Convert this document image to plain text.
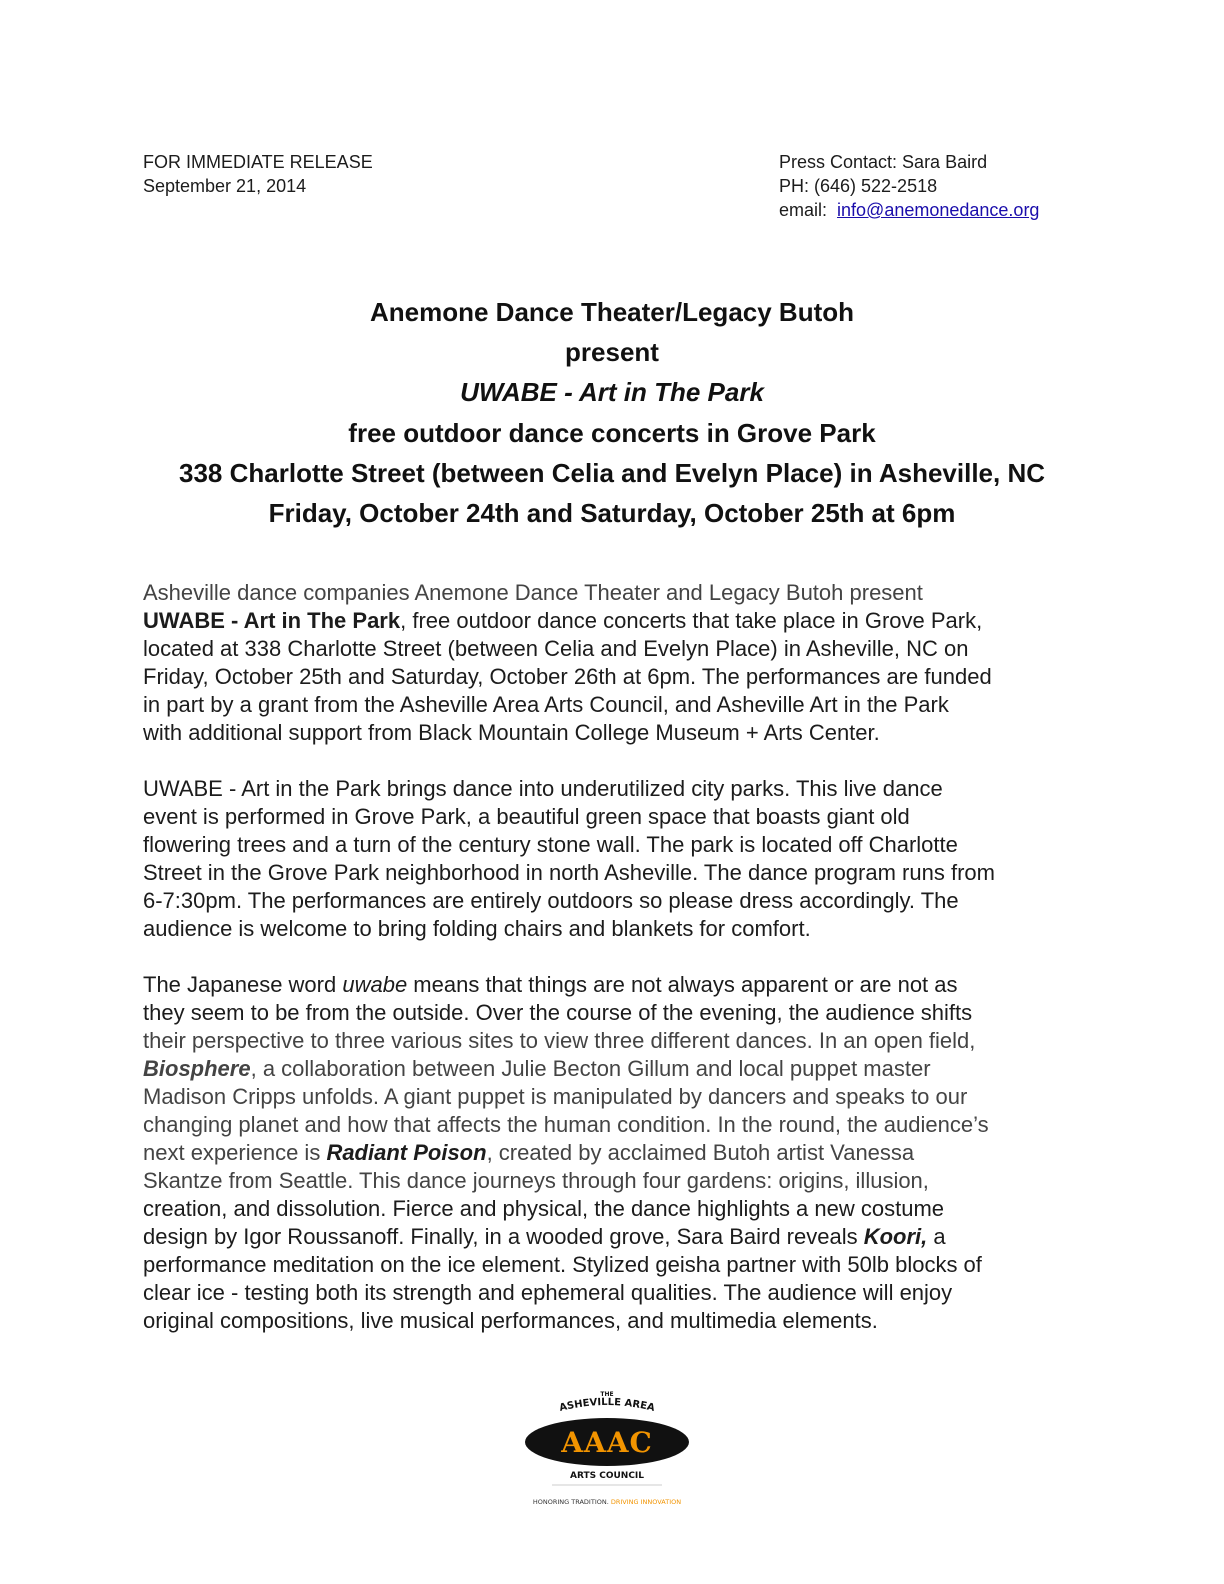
FOR IMMEDIATE RELEASE
September 21, 2014
Press Contact: Sara Baird
PH: (646) 522-2518
email: info@anemonedance.org
Anemone Dance Theater/Legacy Butoh
present
UWABE - Art in The Park
free outdoor dance concerts in Grove Park
338 Charlotte Street (between Celia and Evelyn Place) in Asheville, NC
Friday, October 24th and Saturday, October 25th at 6pm

Asheville dance companies Anemone Dance Theater and Legacy Butoh present
UWABE - Art in The Park, free outdoor dance concerts that take place in Grove Park,
located at 338 Charlotte Street (between Celia and Evelyn Place) in Asheville, NC on
Friday, October 25th and Saturday, October 26th at 6pm. The performances are funded
in part by a grant from the Asheville Area Arts Council, and Asheville Art in the Park
with additional support from Black Mountain College Museum + Arts Center.

UWABE - Art in the Park brings dance into underutilized city parks. This live dance
event is performed in Grove Park, a beautiful green space that boasts giant old
flowering trees and a turn of the century stone wall. The park is located off Charlotte
Street in the Grove Park neighborhood in north Asheville. The dance program runs from
6-7:30pm. The performances are entirely outdoors so please dress accordingly. The
audience is welcome to bring folding chairs and blankets for comfort.

The Japanese word uwabe means that things are not always apparent or are not as
they seem to be from the outside. Over the course of the evening, the audience shifts
their perspective to three various sites to view three different dances. In an open field,
Biosphere, a collaboration between Julie Becton Gillum and local puppet master
Madison Cripps unfolds. A giant puppet is manipulated by dancers and speaks to our
changing planet and how that affects the human condition. In the round, the audience’s
next experience is Radiant Poison, created by acclaimed Butoh artist Vanessa
Skantze from Seattle. This dance journeys through four gardens: origins, illusion,
creation, and dissolution. Fierce and physical, the dance highlights a new costume
design by Igor Roussanoff. Finally, in a wooded grove, Sara Baird reveals Koori, a
performance meditation on the ice element. Stylized geisha partner with 50lb blocks of
clear ice - testing both its strength and ephemeral qualities. The audience will enjoy
original compositions, live musical performances, and multimedia elements.

THE
ASHEVILLE AREA
AAAC
ARTS COUNCIL
HONORING TRADITION. DRIVING INNOVATION
